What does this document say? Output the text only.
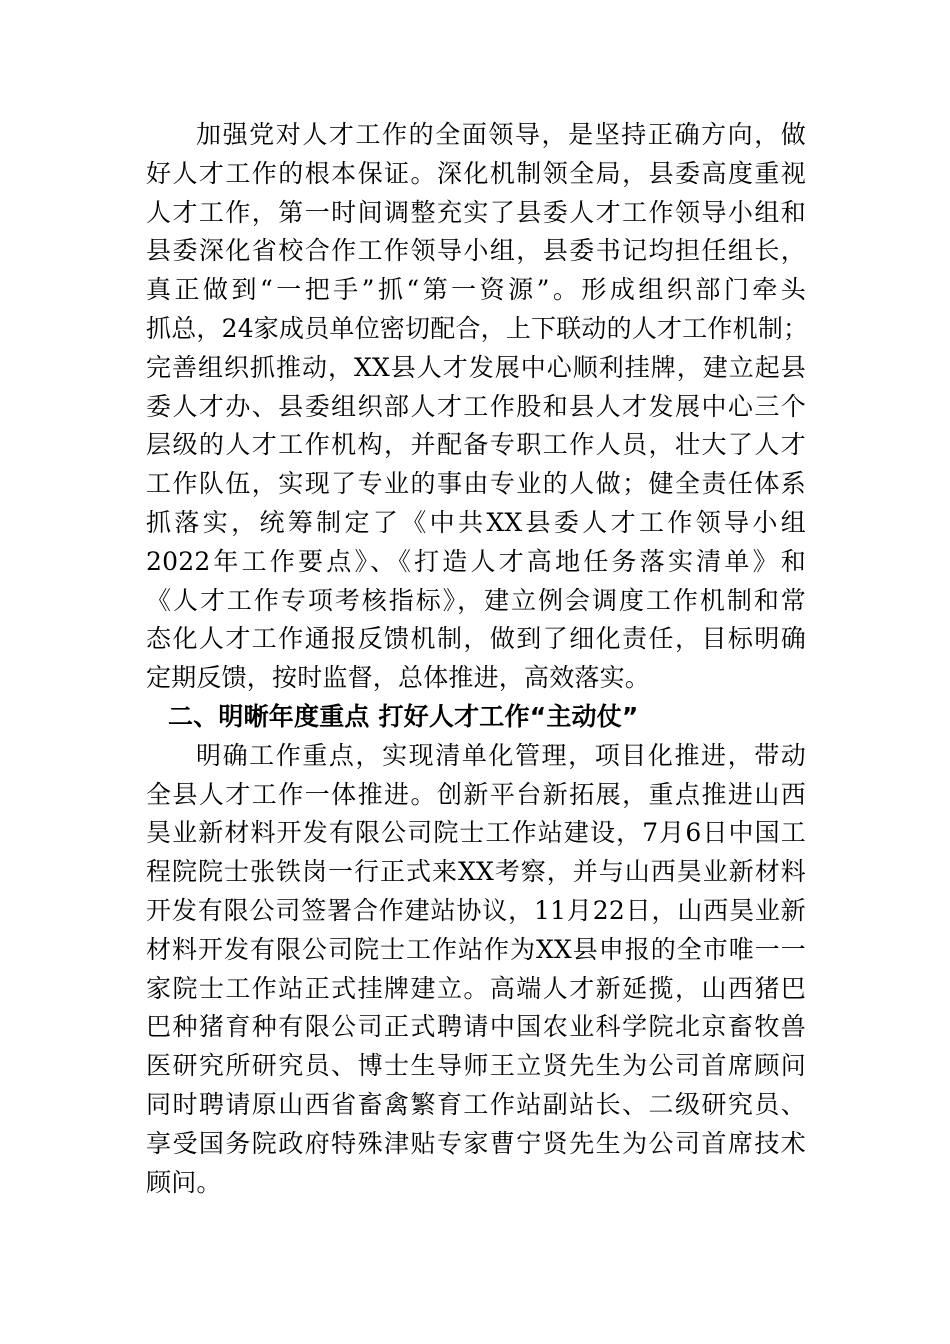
加强党对人才工作的全面领导，是坚持正确方向，做
好人才工作的根本保证。深化机制领全局，县委高度重视
人才工作，第一时间调整充实了县委人才工作领导小组和
县委深化省校合作工作领导小组，县委书记均担任组长，
真正做到“一把手”抓“第一资源”。形成组织部门牵头
抓总，24家成员单位密切配合，上下联动的人才工作机制；
完善组织抓推动，XX县人才发展中心顺利挂牌，建立起县
委人才办、县委组织部人才工作股和县人才发展中心三个
层级的人才工作机构，并配备专职工作人员，壮大了人才
工作队伍，实现了专业的事由专业的人做；健全责任体系
抓落实，统筹制定了《中共XX县委人才工作领导小组
2022年工作要点》、《打造人才高地任务落实清单》和
《人才工作专项考核指标》，建立例会调度工作机制和常
态化人才工作通报反馈机制，做到了细化责任，目标明确
定期反馈，按时监督，总体推进，高效落实。
二、明晰年度重点 打好人才工作“主动仗”
明确工作重点，实现清单化管理，项目化推进，带动
全县人才工作一体推进。创新平台新拓展，重点推进山西
昊业新材料开发有限公司院士工作站建设，7月6日中国工
程院院士张铁岗一行正式来XX考察，并与山西昊业新材料
开发有限公司签署合作建站协议，11月22日，山西昊业新
材料开发有限公司院士工作站作为XX县申报的全市唯一一
家院士工作站正式挂牌建立。高端人才新延揽，山西猪巴
巴种猪育种有限公司正式聘请中国农业科学院北京畜牧兽
医研究所研究员、博士生导师王立贤先生为公司首席顾问
同时聘请原山西省畜禽繁育工作站副站长、二级研究员、
享受国务院政府特殊津贴专家曹宁贤先生为公司首席技术
顾问。
